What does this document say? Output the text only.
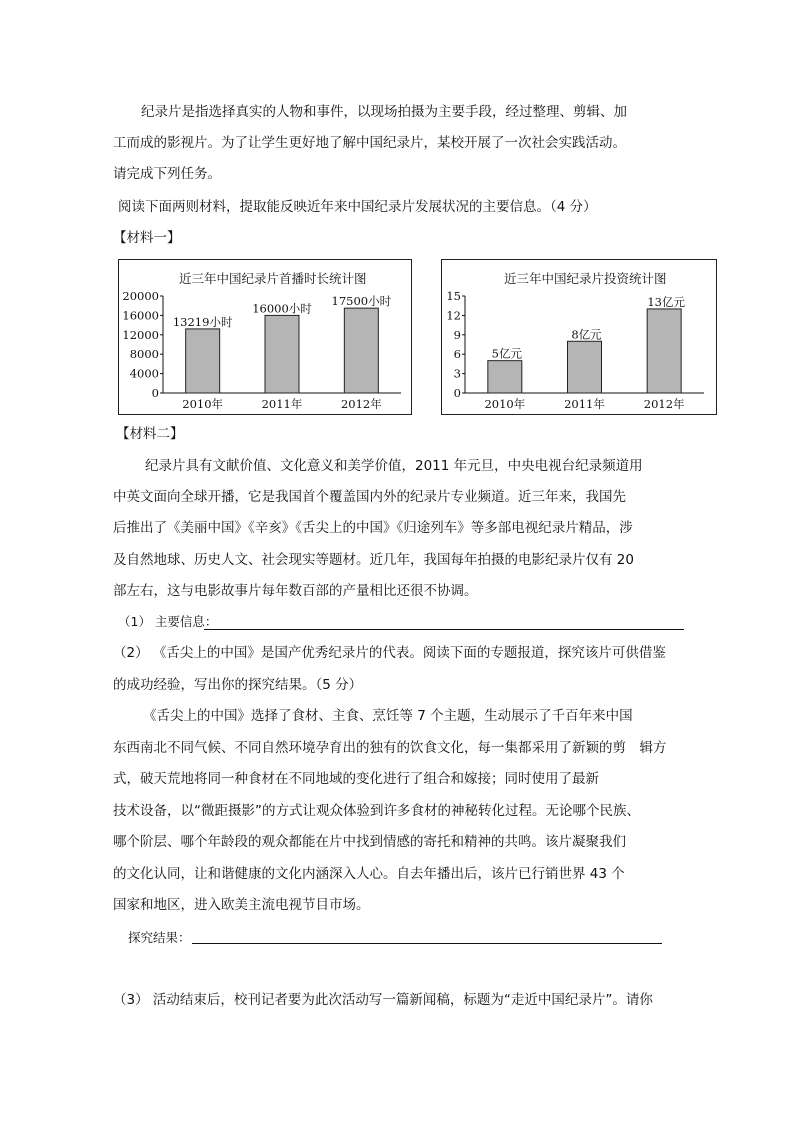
纪录片是指选择真实的人物和事件，以现场拍摄为主要手段，经过整理、剪辑、加
工而成的影视片。为了让学生更好地了解中国纪录片，某校开展了一次社会实践活动。
请完成下列任务。
阅读下面两则材料，提取能反映近年来中国纪录片发展状况的主要信息。（4 分）
【材料一】
近三年中国纪录片首播时长统计图
0
4000
8000
12000
16000
20000
13219小时
2010年
16000小时
2011年
17500小时
2012年
近三年中国纪录片投资统计图
0
3
6
9
12
15
5亿元
2010年
8亿元
2011年
13亿元
2012年
【材料二】
纪录片具有文献价值、文化意义和美学价值，2011 年元旦，中央电视台纪录频道用
中英文面向全球开播，它是我国首个覆盖国内外的纪录片专业频道。近三年来，我国先
后推出了《美丽中国》《辛亥》《舌尖上的中国》《归途列车》等多部电视纪录片精品，涉
及自然地球、历史人文、社会现实等题材。近几年，我国每年拍摄的电影纪录片仅有 20
部左右，这与电影故事片每年数百部的产量相比还很不协调。
（1） 主要信息：
（2） 《舌尖上的中国》是国产优秀纪录片的代表。阅读下面的专题报道，探究该片可供借鉴
的成功经验，写出你的探究结果。（5 分）
《舌尖上的中国》选择了食材、主食、烹饪等 7 个主题，生动展示了千百年来中国
东西南北不同气候、不同自然环境孕育出的独有的饮食文化，每一集都采用了新颖的剪　辑方
式，破天荒地将同一种食材在不同地域的变化进行了组合和嫁接；同时使用了最新
技术设备，以“微距摄影”的方式让观众体验到许多食材的神秘转化过程。无论哪个民族、
哪个阶层、哪个年龄段的观众都能在片中找到情感的寄托和精神的共鸣。该片凝聚我们
的文化认同，让和谐健康的文化内涵深入人心。自去年播出后，该片已行销世界 43 个
国家和地区，进入欧美主流电视节目市场。
探究结果：
（3） 活动结束后，校刊记者要为此次活动写一篇新闻稿，标题为“走近中国纪录片”。请你
